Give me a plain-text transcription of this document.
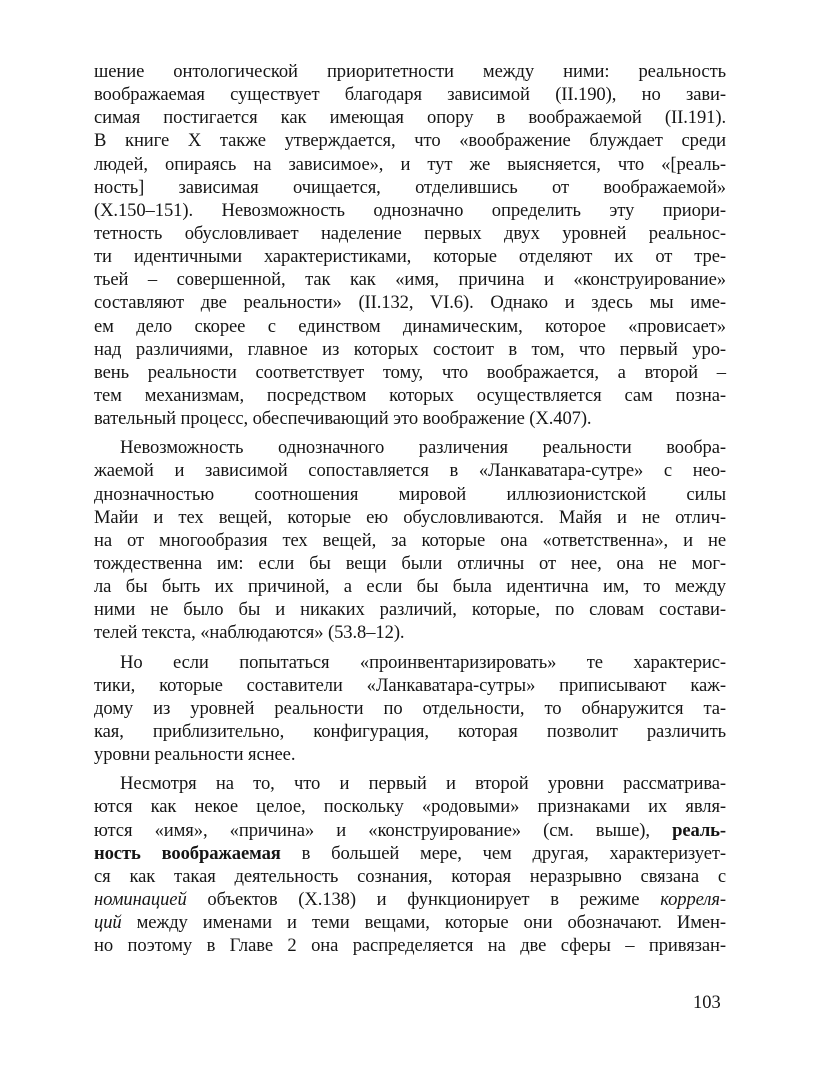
шение онтологической приоритетности между ними: реальность
воображаемая существует благодаря зависимой (II.190), но зави-
симая постигается как имеющая опору в воображаемой (II.191).
В книге X также утверждается, что «воображение блуждает среди
людей, опираясь на зависимое», и тут же выясняется, что «[реаль-
ность] зависимая очищается, отделившись от воображаемой»
(X.150–151). Невозможность однозначно определить эту приори-
тетность обусловливает наделение первых двух уровней реальнос-
ти идентичными характеристиками, которые отделяют их от тре-
тьей – совершенной, так как «имя, причина и «конструирование»
составляют две реальности» (II.132, VI.6). Однако и здесь мы име-
ем дело скорее с единством динамическим, которое «провисает»
над различиями, главное из которых состоит в том, что первый уро-
вень реальности соответствует тому, что воображается, а второй –
тем механизмам, посредством которых осуществляется сам позна-
вательный процесс, обеспечивающий это воображение (X.407).
Невозможность однозначного различения реальности вообра-
жаемой и зависимой сопоставляется в «Ланкаватара-сутре» с нео-
днозначностью соотношения мировой иллюзионистской силы
Майи и тех вещей, которые ею обусловливаются. Майя и не отлич-
на от многообразия тех вещей, за которые она «ответственна», и не
тождественна им: если бы вещи были отличны от нее, она не мог-
ла бы быть их причиной, а если бы была идентична им, то между
ними не было бы и никаких различий, которые, по словам состави-
телей текста, «наблюдаются» (53.8–12).
Но если попытаться «проинвентаризировать» те характерис-
тики, которые составители «Ланкаватара-сутры» приписывают каж-
дому из уровней реальности по отдельности, то обнаружится та-
кая, приблизительно, конфигурация, которая позволит различить
уровни реальности яснее.
Несмотря на то, что и первый и второй уровни рассматрива-
ются как некое целое, поскольку «родовыми» признаками их явля-
ются «имя», «причина» и «конструирование» (см. выше), реаль-
ность воображаемая в большей мере, чем другая, характеризует-
ся как такая деятельность сознания, которая неразрывно связана с
номинацией объектов (X.138) и функционирует в режиме корреля-
ций между именами и теми вещами, которые они обозначают. Имен-
но поэтому в Главе 2 она распределяется на две сферы – привязан-
103
